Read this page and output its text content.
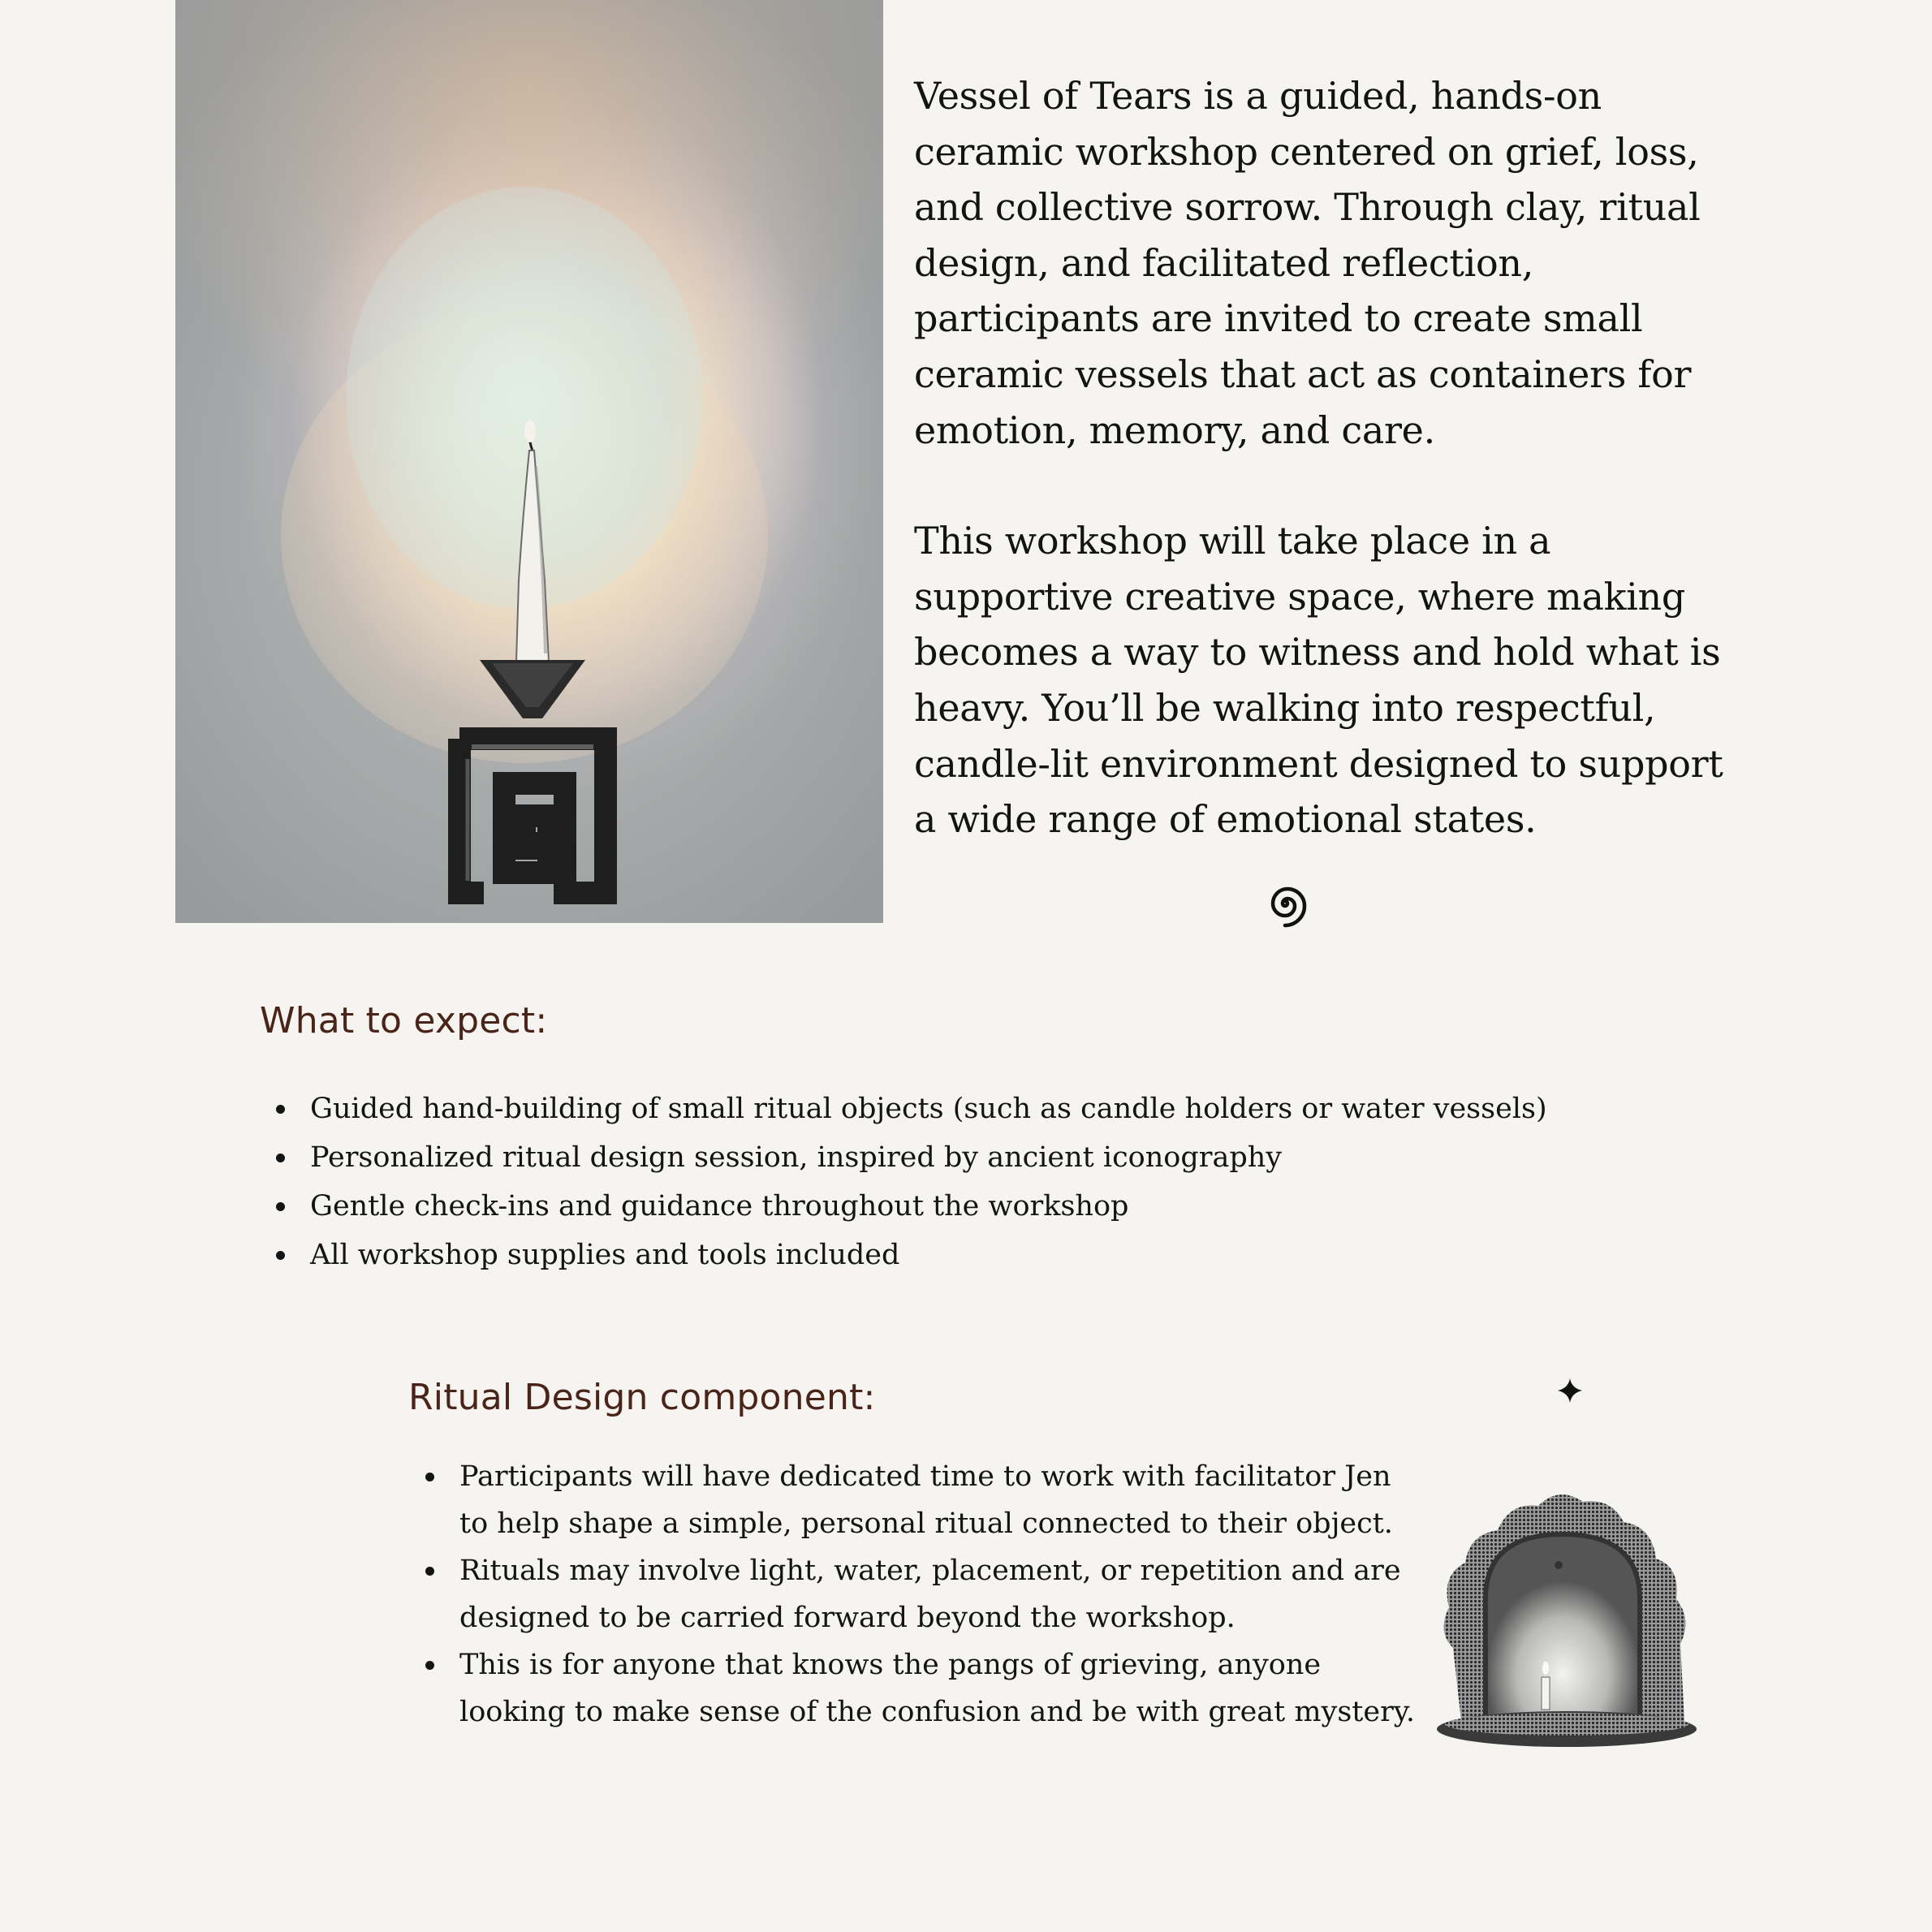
Vessel of Tears is a guided, hands-on
ceramic workshop centered on grief, loss,
and collective sorrow. Through clay, ritual
design, and facilitated reflection,
participants are invited to create small
ceramic vessels that act as containers for
emotion, memory, and care.

This workshop will take place in a
supportive creative space, where making
becomes a way to witness and hold what is
heavy. You’ll be walking into respectful,
candle-lit environment designed to support
a wide range of emotional states.

What to expect:
Guided hand-building of small ritual objects (such as candle holders or water vessels)
Personalized ritual design session, inspired by ancient iconography
Gentle check-ins and guidance throughout the workshop
All workshop supplies and tools included
Ritual Design component:
Participants will have dedicated time to work with facilitator Jen
to help shape a simple, personal ritual connected to their object.
Rituals may involve light, water, placement, or repetition and are
designed to be carried forward beyond the workshop.
This is for anyone that knows the pangs of grieving, anyone
looking to make sense of the confusion and be with great mystery.
